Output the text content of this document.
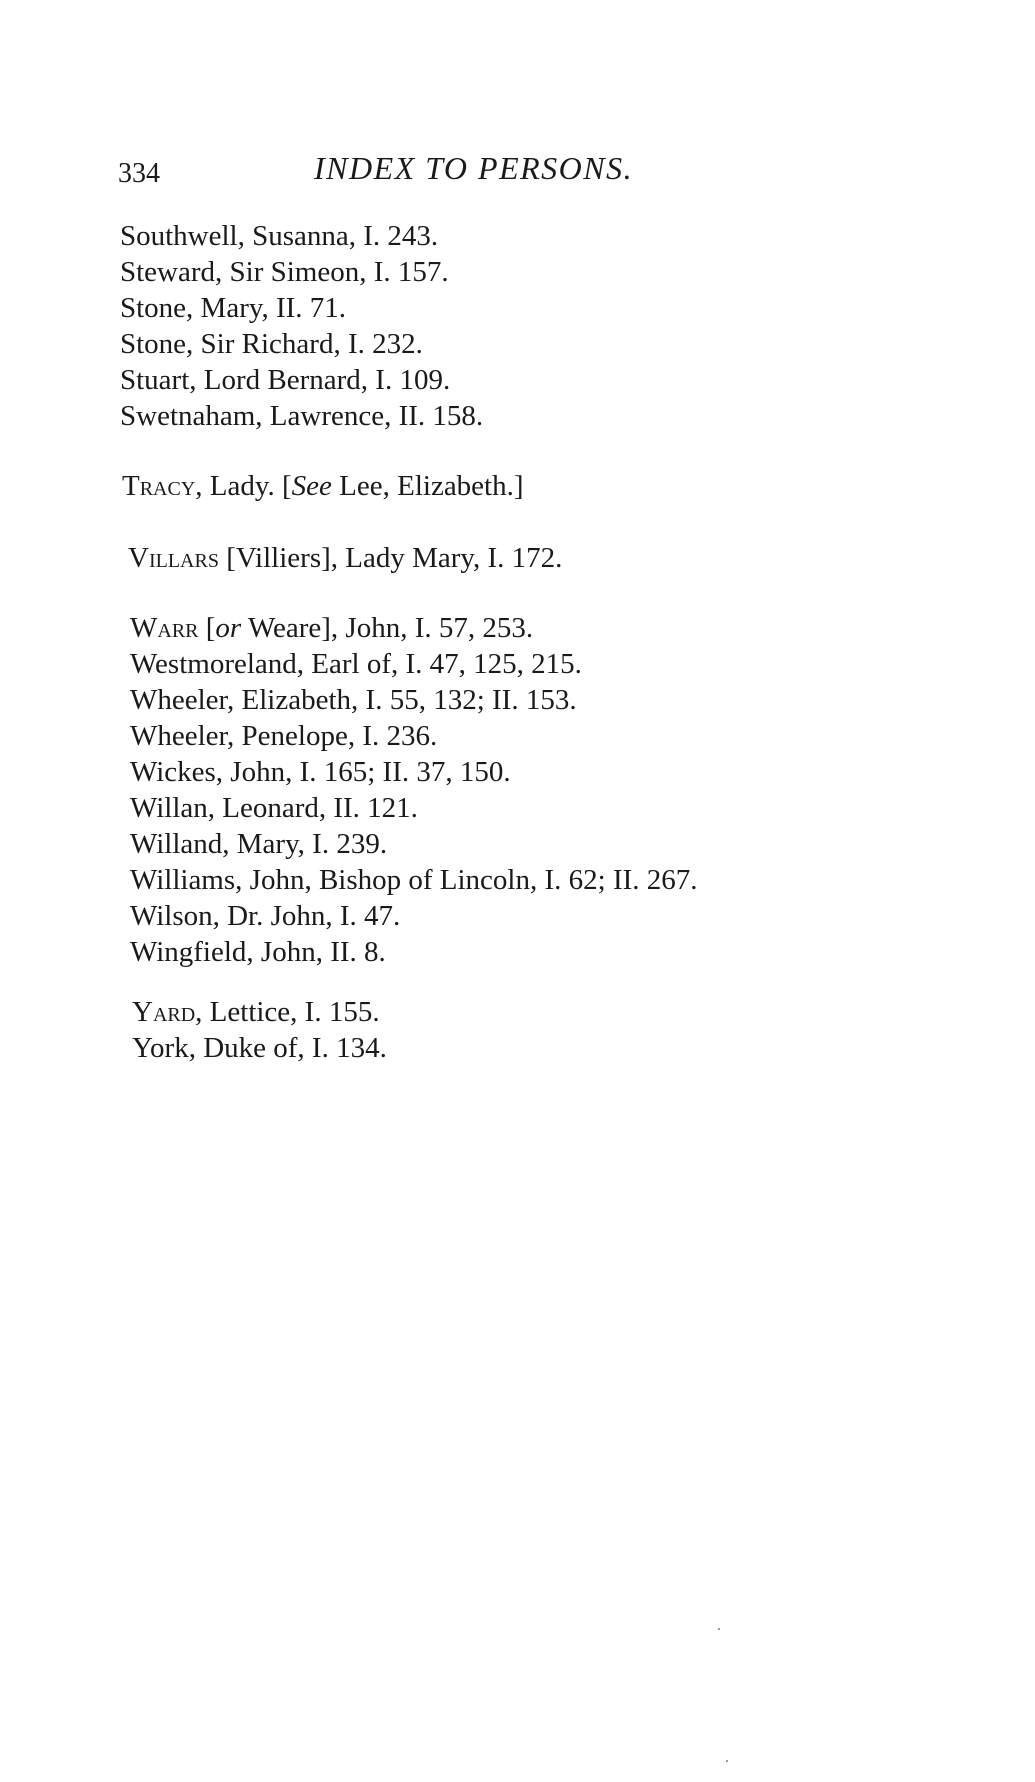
334	INDEX TO PERSONS.
Southwell, Susanna, I. 243.
Steward, Sir Simeon, I. 157.
Stone, Mary, II. 71.
Stone, Sir Richard, I. 232.
Stuart, Lord Bernard, I. 109.
Swetnaham, Lawrence, II. 158.
Tracy, Lady. [See Lee, Elizabeth.]
Villars [Villiers], Lady Mary, I. 172.
Warr [or Weare], John, I. 57, 253.
Westmoreland, Earl of, I. 47, 125, 215.
Wheeler, Elizabeth, I. 55, 132; II. 153.
Wheeler, Penelope, I. 236.
Wickes, John, I. 165; II. 37, 150.
Willan, Leonard, II. 121.
Willand, Mary, I. 239.
Williams, John, Bishop of Lincoln, I. 62; II. 267.
Wilson, Dr. John, I. 47.
Wingfield, John, II. 8.
Yard, Lettice, I. 155.
York, Duke of, I. 134.
